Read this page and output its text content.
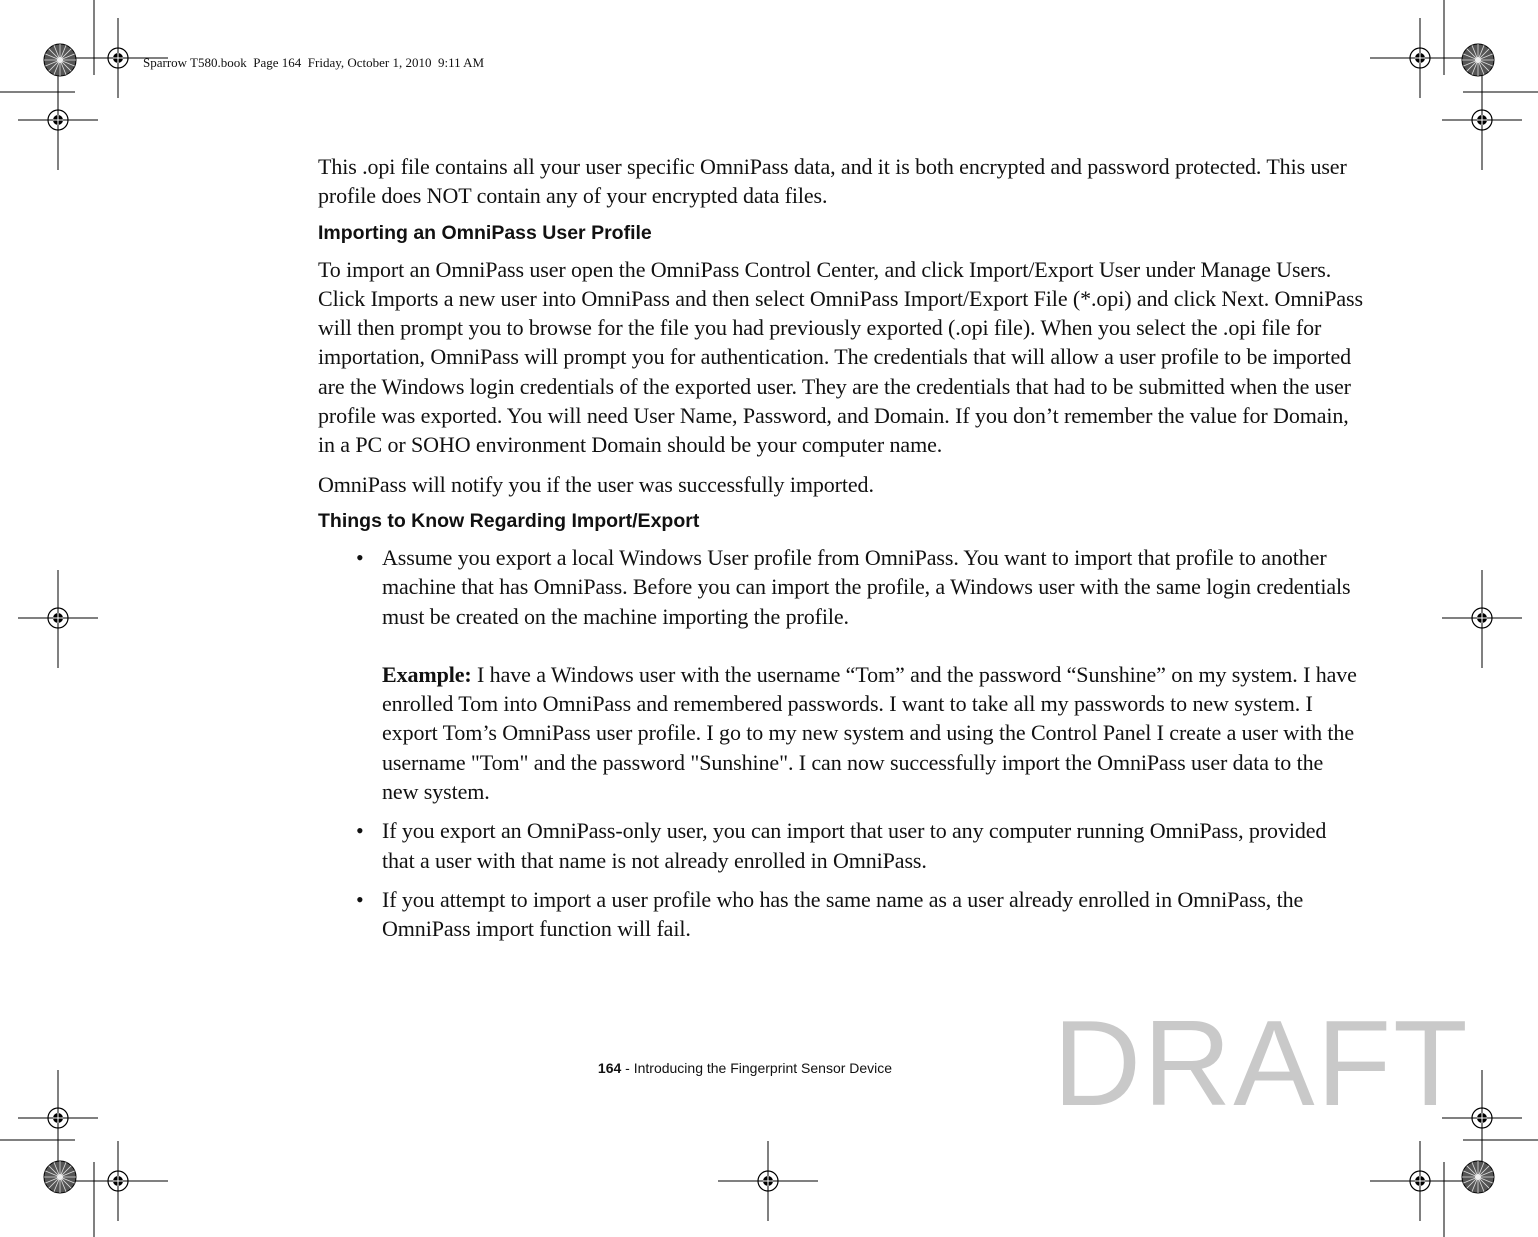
Sparrow T580.book  Page 164  Friday, October 1, 2010  9:11 AM

This .opi file contains all your user specific OmniPass data, and it is both encrypted and password protected. This user profile does NOT contain any of your encrypted data files.

Importing an OmniPass User Profile

To import an OmniPass user open the OmniPass Control Center, and click Import/Export User under Manage Users. Click Imports a new user into OmniPass and then select OmniPass Import/Export File (*.opi) and click Next. OmniPass will then prompt you to browse for the file you had previously exported (.opi file). When you select the .opi file for importation, OmniPass will prompt you for authentication. The credentials that will allow a user profile to be imported are the Windows login credentials of the exported user. They are the credentials that had to be submitted when the user profile was exported. You will need User Name, Password, and Domain. If you don’t remember the value for Domain, in a PC or SOHO environment Domain should be your computer name.

OmniPass will notify you if the user was successfully imported.

Things to Know Regarding Import/Export
• Assume you export a local Windows User profile from OmniPass. You want to import that profile to another machine that has OmniPass. Before you can import the profile, a Windows user with the same login credentials must be created on the machine importing the profile.

Example: I have a Windows user with the username “Tom” and the password “Sunshine” on my system. I have enrolled Tom into OmniPass and remembered passwords. I want to take all my passwords to new system. I export Tom’s OmniPass user profile. I go to my new system and using the Control Panel I create a user with the username "Tom" and the password "Sunshine". I can now successfully import the OmniPass user data to the new system.

• If you export an OmniPass-only user, you can import that user to any computer running OmniPass, provided that a user with that name is not already enrolled in OmniPass.

• If you attempt to import a user profile who has the same name as a user already enrolled in OmniPass, the OmniPass import function will fail.

164 - Introducing the Fingerprint Sensor Device	DRAFT
